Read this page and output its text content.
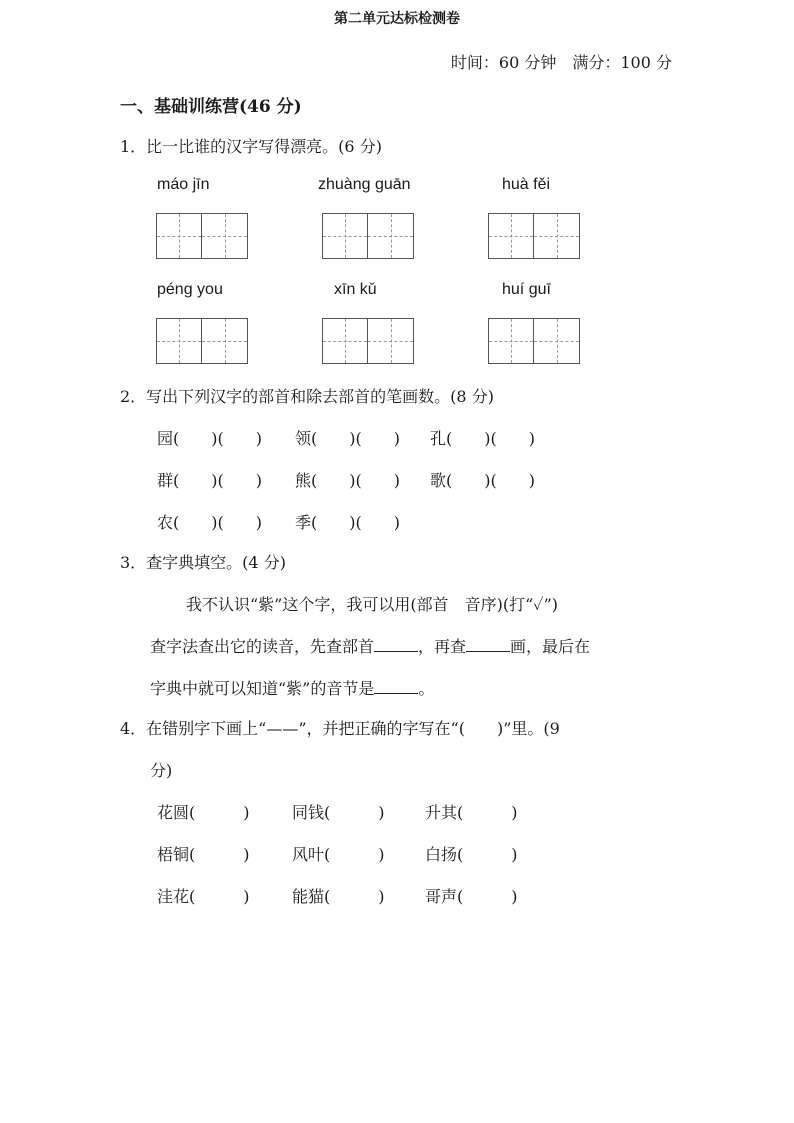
第二单元达标检测卷
时间：60 分钟　满分：100 分
一、基础训练营(46 分)
1．比一比谁的汉字写得漂亮。(6 分)
máo jīn	zhuàng guān	huà fěi
péng you	xīn kǔ	huí guī
2．写出下列汉字的部首和除去部首的笔画数。(8 分)
园(　　)(　　) 领(　　)(　　) 孔(　　)(　　)
群(　　)(　　) 熊(　　)(　　) 歌(　　)(　　)
农(　　)(　　) 季(　　)(　　)
3．查字典填空。(4 分)
我不认识“紫”这个字，我可以用(部首　音序)(打“✓”)
查字法查出它的读音，先查部首	，再查	画，最后在
字典中就可以知道“紫”的音节是	。
4．在错别字下画上“——”，并把正确的字写在“(　　)”里。(9
分)
花圆(　　　)	同钱(　　　)	升其(　　　)
梧铜(　　　)	风叶(　　　)	白扬(　　　)
洼花(　　　)	能猫(　　　)	哥声(　　　)
